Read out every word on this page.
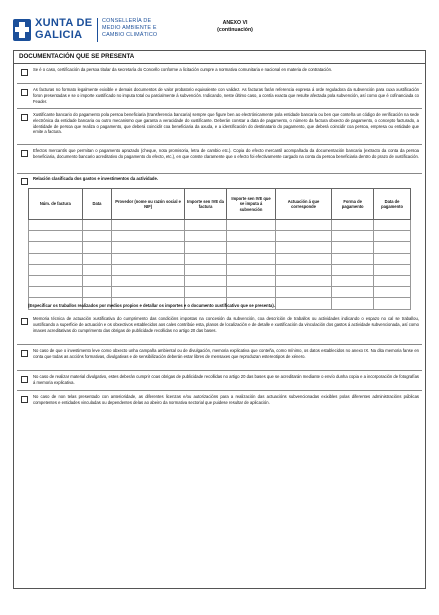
XUNTA DE GALICIA
CONSELLERÍA DE
MEDIO AMBIENTE E
CAMBIO CLIMÁTICO
ANEXO VI
(continuación)
DOCUMENTACIÓN QUE SE PRESENTA

Se é o caso, certificación da persoa titular da secretaría do Concello conforme a licitación cumpre a normativa comunitaria e nacional en materia de contratación.

As facturas no formato legalmente exixible e demais documentos de valor probatorio equivalente con validez. As facturas farán referencia expresa á orde reguladora da subvención para cuxa xustificación foron presentadas e se o importe xustificado no imputa total ou parcialmente á subvención. Indicando, neste último caso, a contía exacta que resulte afectada pola subvención, así como que é cofinanciada co Feader.

Xustificante bancario do pagamento pola persoa beneficiaria (transferencia bancaria) sempre que figure ben ao electrónicamente pola entidade bancaria ou ben que conteña un código de verificación na sede electrónica da entidade bancaria ou outro mecanismo que garanta a veracidade do xustificante. Deberán constar a data de pagamento, o número da factura obxecto de pagamento, o concepto facturado, a identidade de persoa que realiza o pagamento, que deberá coincidir coa beneficiaria da axuda, e a identificación do destinatario do pagamento, que deberá coincidir coa persoa, empresa ou entidade que emite a factura.

Efectos mercantís que permitan o pagamento aprazado (cheque, nota promisoria, letra de cambio etc.). Copia do efecto mercantil acompañada da documentación bancaria (extracto da conta da persoa beneficiaria, documento bancario acreditativo do pagamento do efecto, etc.), en que conste claramente que o efecto foi efectivamente cargado na conta da persoa beneficiaria dentro do prazo de xustificación.

Relación clasificada dos gastos e investimentos da actividade.

Núm. de factura	Data	Provedor (nome ou razón social e NIF)	Importe sen IVE da factura	Importe sen IVE que se imputa á subvención	Actuación á que corresponde	Forma de pagamento	Data de pagamento

(Especificar os traballos realizados por medios propios e detallar os importes e o documento xustificativo que se presenta).

Memoria técnica de actuación xustificativa do cumprimento das condicións impostas na concesión da subvención, coa descrición de traballos ou actividades indicando o espazo no cal se traballou, xustificando a superficie de actuación e os obxectivos establecidos aos cales contribúe esta, planos de localización e de detalle e xustificación da vinculación dos gastos á actividade subvencionada, así como imaxes acreditativas do cumprimento das obrigas de publicidade recollidas no artigo 20 das bases.

No caso de que o investimento leve como obxecto unha campaña ambiental ou de divulgación, memoria explicativa que conteña, como mínimo, os datos establecidos no anexo IX. Na dita memoria fanse en conta que todas as accións formativas, divulgativas e de sensibilización deberán estar libres de mensaxes que reproduzan estereotipos de xénero.

No caso de realizar material divulgativo, estes deberán cumprir coas obrigas de publicidade recollidas no artigo 20 das bases que se acreditarán mediante o envío dunha copia e a incorporación de fotografías á memoria explicativa.

No caso de non telas presentado con anterioridade, as diferentes licenzas e/ou autorizacións para a realización das actuacións subvencionadas exixibles polas diferentes administracións públicas competentes e entidades vinculadas ou dependentes delas ao abeiro da normativa sectorial que puidese resultar de aplicación.
